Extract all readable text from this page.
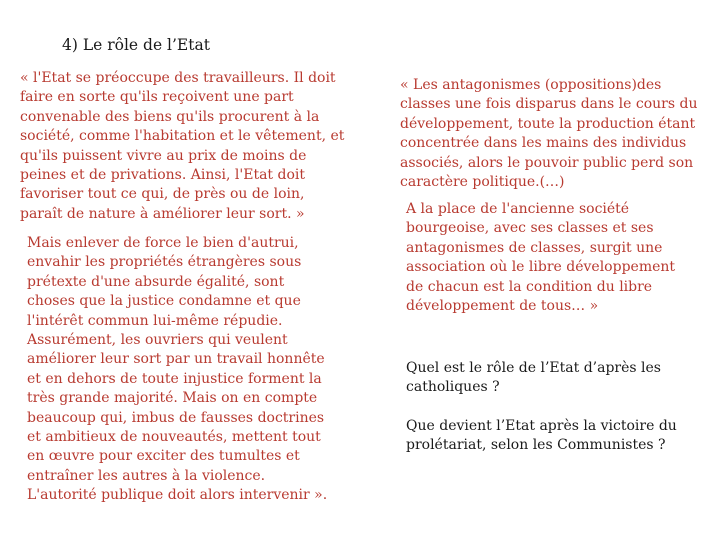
4) Le rôle de l’Etat

« l'Etat se préoccupe des travailleurs. Il doit
faire en sorte qu'ils reçoivent une part
convenable des biens qu'ils procurent à la
société, comme l'habitation et le vêtement, et
qu'ils puissent vivre au prix de moins de
peines et de privations. Ainsi, l'Etat doit
favoriser tout ce qui, de près ou de loin,
paraît de nature à améliorer leur sort. »

Mais enlever de force le bien d'autrui,
envahir les propriétés étrangères sous
prétexte d'une absurde égalité, sont
choses que la justice condamne et que
l'intérêt commun lui-même répudie.
Assurément, les ouvriers qui veulent
améliorer leur sort par un travail honnête
et en dehors de toute injustice forment la
très grande majorité. Mais on en compte
beaucoup qui, imbus de fausses doctrines
et ambitieux de nouveautés, mettent tout
en œuvre pour exciter des tumultes et
entraîner les autres à la violence.
L'autorité publique doit alors intervenir ».

« Les antagonismes (oppositions)des
classes une fois disparus dans le cours du
développement, toute la production étant
concentrée dans les mains des individus
associés, alors le pouvoir public perd son
caractère politique.(…)

A la place de l'ancienne société
bourgeoise, avec ses classes et ses
antagonismes de classes, surgit une
association où le libre développement
de chacun est la condition du libre
développement de tous… »

Quel est le rôle de l’Etat d’après les
catholiques ?

Que devient l’Etat après la victoire du
prolétariat, selon les Communistes ?
